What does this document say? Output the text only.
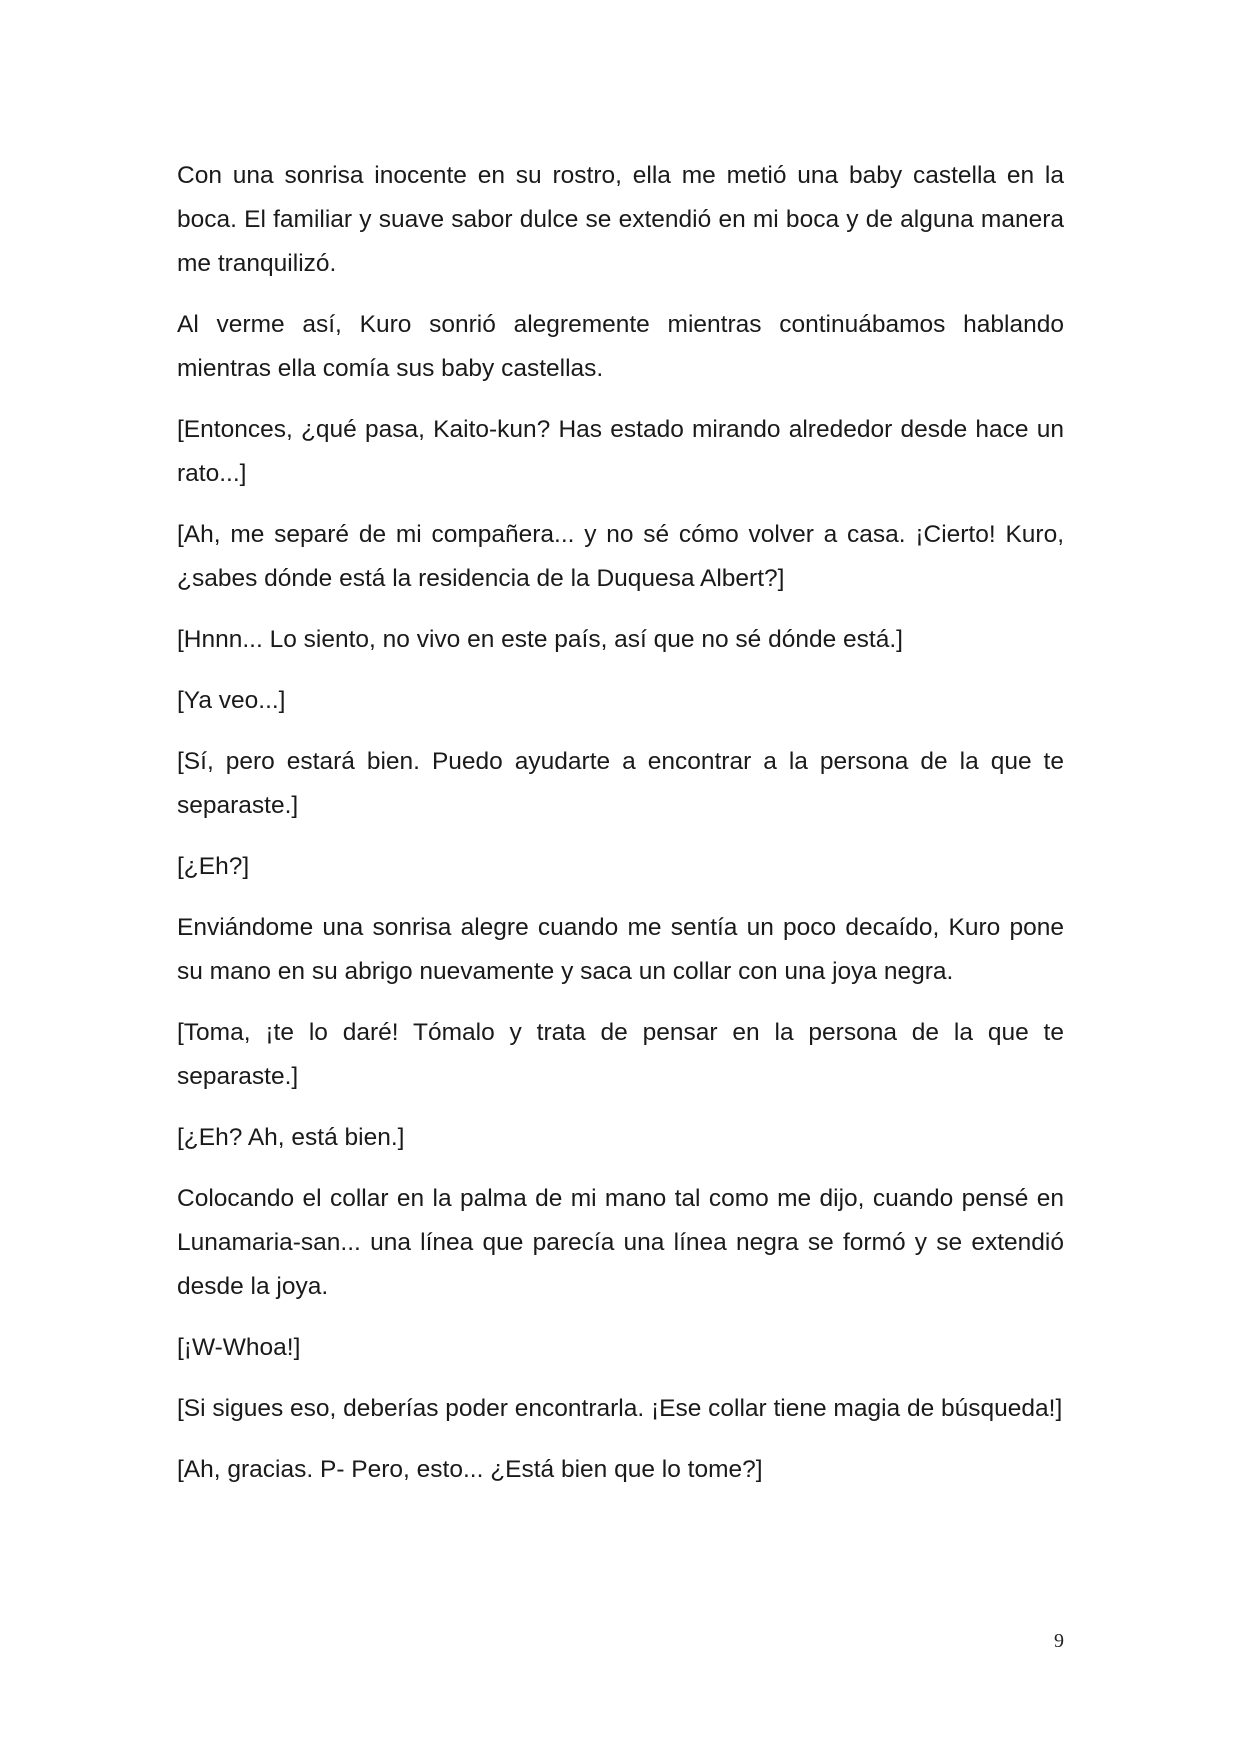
Con una sonrisa inocente en su rostro, ella me metió una baby castella en la boca. El familiar y suave sabor dulce se extendió en mi boca y de alguna manera me tranquilizó.

Al verme así, Kuro sonrió alegremente mientras continuábamos hablando mientras ella comía sus baby castellas.

[Entonces, ¿qué pasa, Kaito-kun? Has estado mirando alrededor desde hace un rato...]

[Ah, me separé de mi compañera... y no sé cómo volver a casa. ¡Cierto! Kuro, ¿sabes dónde está la residencia de la Duquesa Albert?]

[Hnnn... Lo siento, no vivo en este país, así que no sé dónde está.]

[Ya veo...]

[Sí, pero estará bien. Puedo ayudarte a encontrar a la persona de la que te separaste.]

[¿Eh?]

Enviándome una sonrisa alegre cuando me sentía un poco decaído, Kuro pone su mano en su abrigo nuevamente y saca un collar con una joya negra.

[Toma, ¡te lo daré! Tómalo y trata de pensar en la persona de la que te separaste.]

[¿Eh? Ah, está bien.]

Colocando el collar en la palma de mi mano tal como me dijo, cuando pensé en Lunamaria-san... una línea que parecía una línea negra se formó y se extendió desde la joya.

[¡W-Whoa!]

[Si sigues eso, deberías poder encontrarla. ¡Ese collar tiene magia de búsqueda!]

[Ah, gracias. P- Pero, esto... ¿Está bien que lo tome?]

9
